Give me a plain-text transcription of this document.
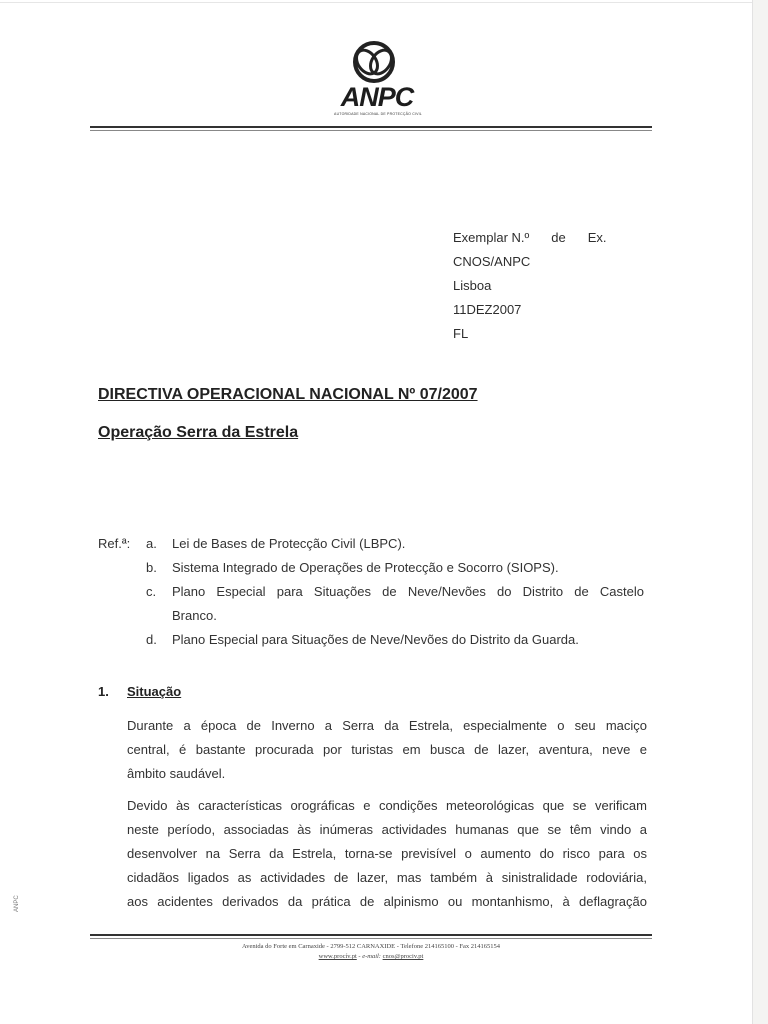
ANPC
AUTORIDADE NACIONAL DE PROTECÇÃO CIVIL
Exemplar N.º de Ex.
CNOS/ANPC
Lisboa
11DEZ2007
FL
DIRECTIVA OPERACIONAL NACIONAL Nº 07/2007
Operação Serra da Estrela
Ref.ª: a.	Lei de Bases de Protecção Civil (LBPC).
b.	Sistema Integrado de Operações de Protecção e Socorro (SIOPS).
c.	Plano Especial para Situações de Neve/Nevões do Distrito de Castelo
Branco.
d.	Plano Especial para Situações de Neve/Nevões do Distrito da Guarda.
1. Situação
Durante a época de Inverno a Serra da Estrela, especialmente o seu maciço
central, é bastante procurada por turistas em busca de lazer, aventura, neve e
âmbito saudável.
Devido às características orográficas e condições meteorológicas que se verificam
neste período, associadas às inúmeras actividades humanas que se têm vindo a
desenvolver na Serra da Estrela, torna-se previsível o aumento do risco para os
cidadãos ligados as actividades de lazer, mas também à sinistralidade rodoviária,
aos acidentes derivados da prática de alpinismo ou montanhismo, à deflagração
Avenida do Forte em Carnaxide - 2799-512 CARNAXIDE - Telefone 214165100 - Fax 214165154
www.procív.pt - e-mail: cnos@prociv.pt
ANPC
